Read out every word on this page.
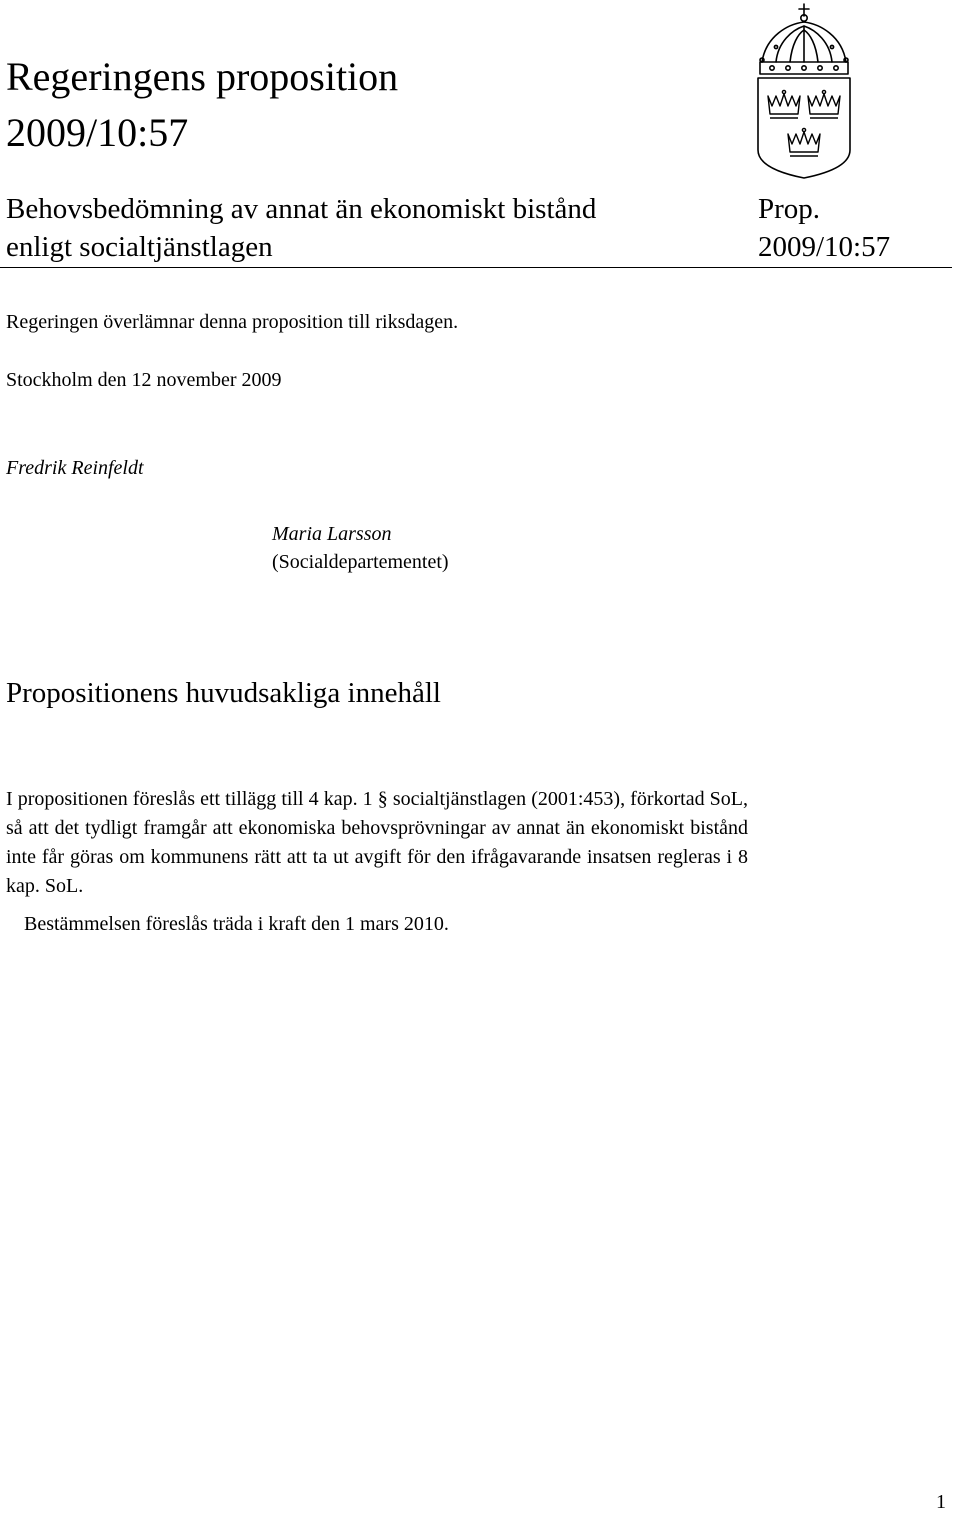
Regeringens proposition
2009/10:57
Behovsbedömning av annat än ekonomiskt bistånd
enligt socialtjänstlagen
Prop.
2009/10:57
Regeringen överlämnar denna proposition till riksdagen.
Stockholm den 12 november 2009
Fredrik Reinfeldt
Maria Larsson
(Socialdepartementet)
Propositionens huvudsakliga innehåll

I propositionen föreslås ett tillägg till 4 kap. 1 § socialtjänstlagen (2001:453), förkortad SoL, så att det tydligt framgår att ekonomiska behovsprövningar av annat än ekonomiskt bistånd inte får göras om kommunens rätt att ta ut avgift för den ifrågavarande insatsen regleras i 8 kap. SoL.

Bestämmelsen föreslås träda i kraft den 1 mars 2010.
1
